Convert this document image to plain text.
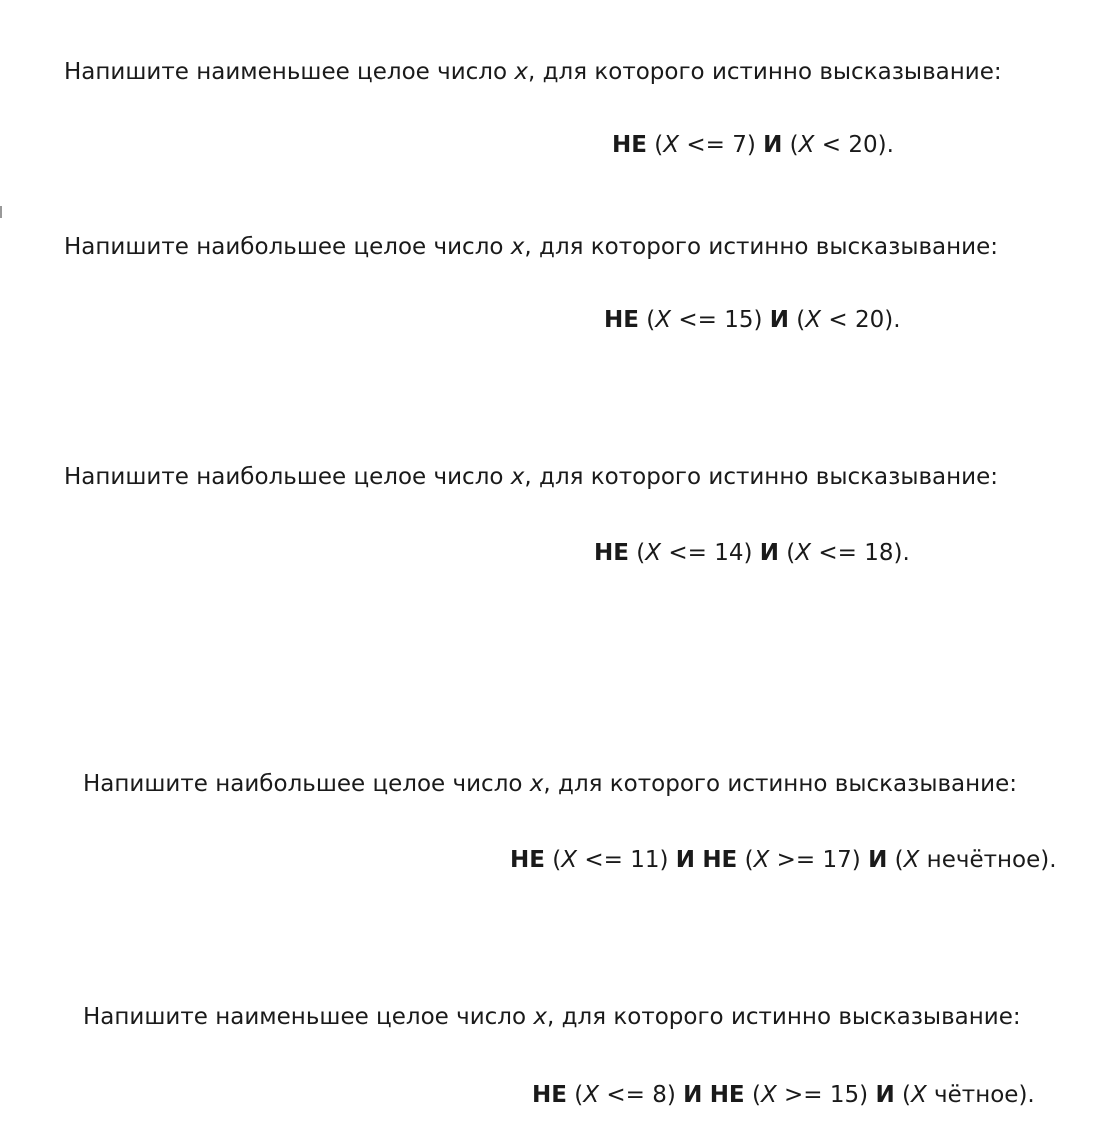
Напишите наименьшее целое число x, для которого истинно высказывание:
НЕ (X <= 7) И (X < 20).
Напишите наибольшее целое число x, для которого истинно высказывание:
НЕ (X <= 15) И (X < 20).
Напишите наибольшее целое число x, для которого истинно высказывание:
НЕ (X <= 14) И (X <= 18).
Напишите наибольшее целое число x, для которого истинно высказывание:
НЕ (X <= 11) И НЕ (X >= 17) И (X нечётное).
Напишите наименьшее целое число x, для которого истинно высказывание:
НЕ (X <= 8) И НЕ (X >= 15) И (X чётное).
